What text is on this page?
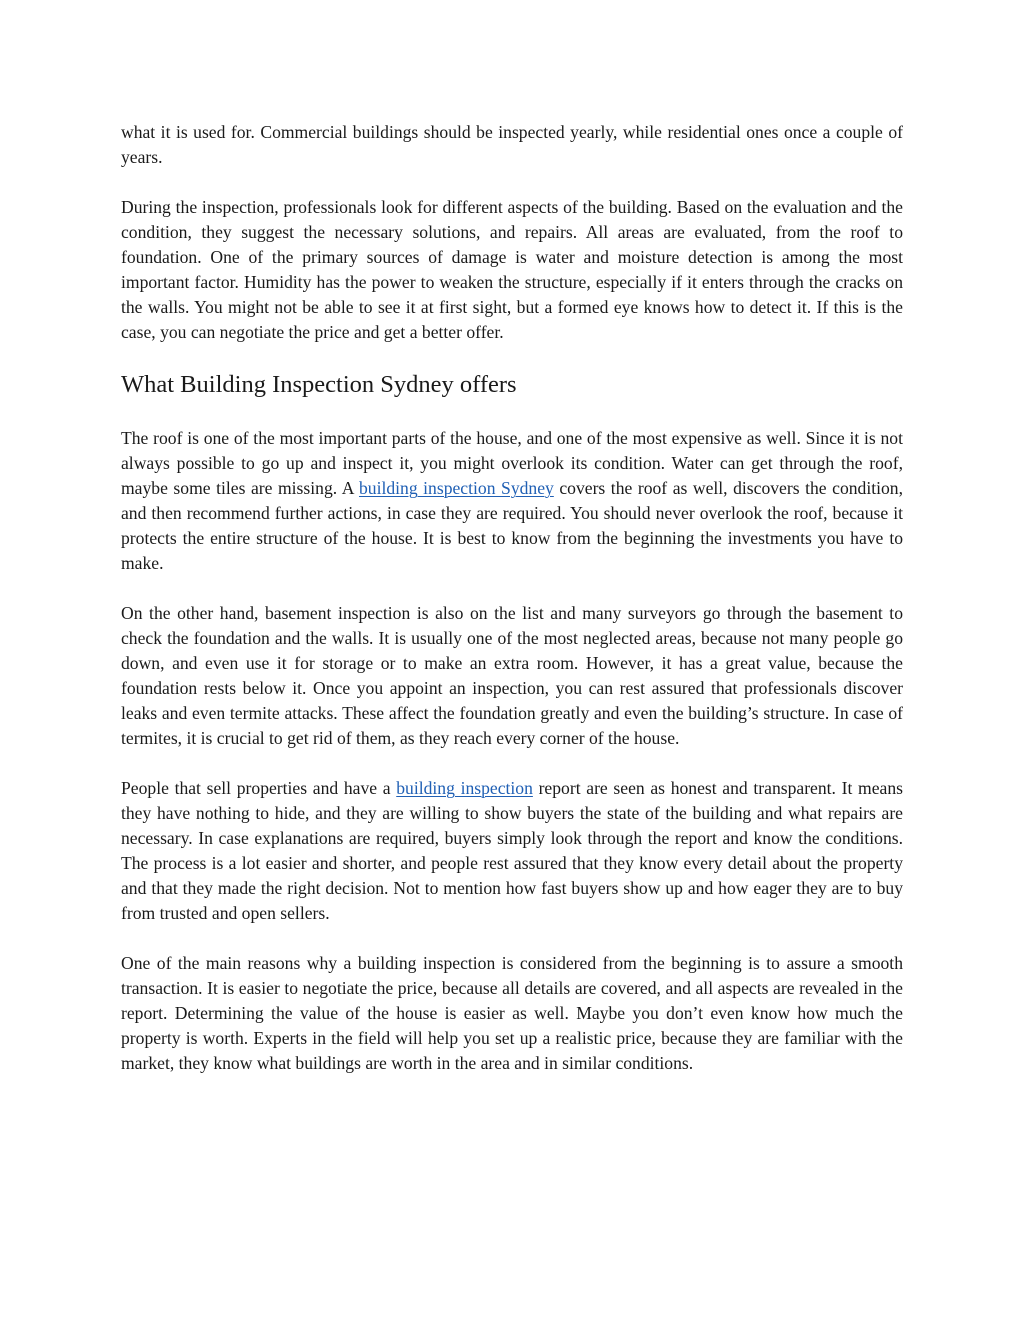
what it is used for. Commercial buildings should be inspected yearly, while residential ones once a couple of years.

During the inspection, professionals look for different aspects of the building. Based on the evaluation and the condition, they suggest the necessary solutions, and repairs. All areas are evaluated, from the roof to foundation. One of the primary sources of damage is water and moisture detection is among the most important factor. Humidity has the power to weaken the structure, especially if it enters through the cracks on the walls. You might not be able to see it at first sight, but a formed eye knows how to detect it. If this is the case, you can negotiate the price and get a better offer.

What Building Inspection Sydney offers

The roof is one of the most important parts of the house, and one of the most expensive as well. Since it is not always possible to go up and inspect it, you might overlook its condition. Water can get through the roof, maybe some tiles are missing. A building inspection Sydney covers the roof as well, discovers the condition, and then recommend further actions, in case they are required. You should never overlook the roof, because it protects the entire structure of the house. It is best to know from the beginning the investments you have to make.

On the other hand, basement inspection is also on the list and many surveyors go through the basement to check the foundation and the walls. It is usually one of the most neglected areas, because not many people go down, and even use it for storage or to make an extra room. However, it has a great value, because the foundation rests below it. Once you appoint an inspection, you can rest assured that professionals discover leaks and even termite attacks. These affect the foundation greatly and even the building’s structure. In case of termites, it is crucial to get rid of them, as they reach every corner of the house.

People that sell properties and have a building inspection report are seen as honest and transparent. It means they have nothing to hide, and they are willing to show buyers the state of the building and what repairs are necessary. In case explanations are required, buyers simply look through the report and know the conditions. The process is a lot easier and shorter, and people rest assured that they know every detail about the property and that they made the right decision. Not to mention how fast buyers show up and how eager they are to buy from trusted and open sellers.

One of the main reasons why a building inspection is considered from the beginning is to assure a smooth transaction. It is easier to negotiate the price, because all details are covered, and all aspects are revealed in the report. Determining the value of the house is easier as well. Maybe you don’t even know how much the property is worth. Experts in the field will help you set up a realistic price, because they are familiar with the market, they know what buildings are worth in the area and in similar conditions.
